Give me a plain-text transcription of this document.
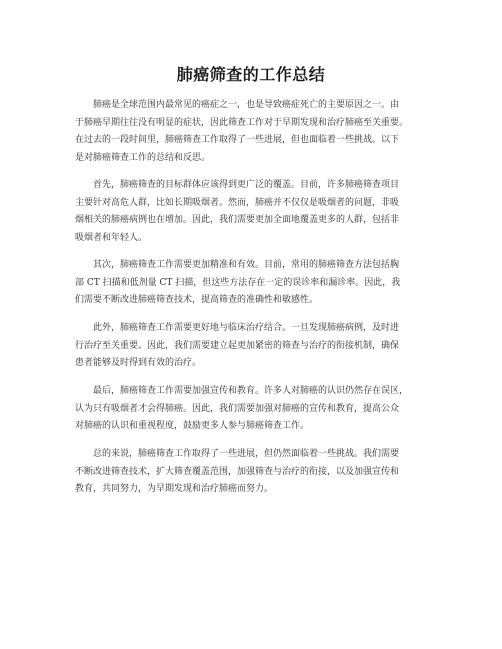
肺癌筛查的工作总结

肺癌是全球范围内最常见的癌症之一，也是导致癌症死亡的主要原因之一。由
于肺癌早期往往没有明显的症状，因此筛查工作对于早期发现和治疗肺癌至关重要。
在过去的一段时间里，肺癌筛查工作取得了一些进展，但也面临着一些挑战。以下
是对肺癌筛查工作的总结和反思。

首先，肺癌筛查的目标群体应该得到更广泛的覆盖。目前，许多肺癌筛查项目
主要针对高危人群，比如长期吸烟者。然而，肺癌并不仅仅是吸烟者的问题，非吸
烟相关的肺癌病例也在增加。因此，我们需要更加全面地覆盖更多的人群，包括非
吸烟者和年轻人。

其次，肺癌筛查工作需要更加精准和有效。目前，常用的肺癌筛查方法包括胸
部 CT 扫描和低剂量 CT 扫描，但这些方法存在一定的误诊率和漏诊率。因此，我
们需要不断改进肺癌筛查技术，提高筛查的准确性和敏感性。

此外，肺癌筛查工作需要更好地与临床治疗结合。一旦发现肺癌病例，及时进
行治疗至关重要。因此，我们需要建立起更加紧密的筛查与治疗的衔接机制，确保
患者能够及时得到有效的治疗。

最后，肺癌筛查工作需要加强宣传和教育。许多人对肺癌的认识仍然存在误区，
认为只有吸烟者才会得肺癌。因此，我们需要加强对肺癌的宣传和教育，提高公众
对肺癌的认识和重视程度，鼓励更多人参与肺癌筛查工作。

总的来说，肺癌筛查工作取得了一些进展，但仍然面临着一些挑战。我们需要
不断改进筛查技术，扩大筛查覆盖范围，加强筛查与治疗的衔接，以及加强宣传和
教育，共同努力，为早期发现和治疗肺癌而努力。
